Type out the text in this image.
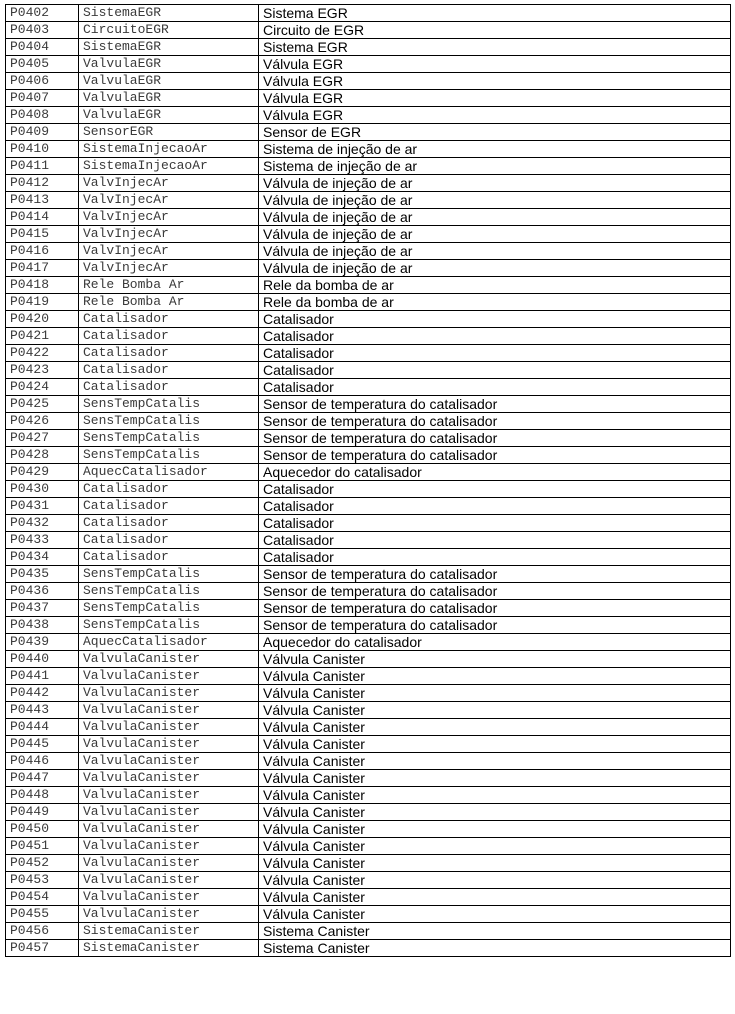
P0402	SistemaEGR	Sistema EGR
P0403	CircuitoEGR	Circuito de EGR
P0404	SistemaEGR	Sistema EGR
P0405	ValvulaEGR	Válvula EGR
P0406	ValvulaEGR	Válvula EGR
P0407	ValvulaEGR	Válvula EGR
P0408	ValvulaEGR	Válvula EGR
P0409	SensorEGR	Sensor de EGR
P0410	SistemaInjecaoAr	Sistema de injeção de ar
P0411	SistemaInjecaoAr	Sistema de injeção de ar
P0412	ValvInjecAr	Válvula de injeção de ar
P0413	ValvInjecAr	Válvula de injeção de ar
P0414	ValvInjecAr	Válvula de injeção de ar
P0415	ValvInjecAr	Válvula de injeção de ar
P0416	ValvInjecAr	Válvula de injeção de ar
P0417	ValvInjecAr	Válvula de injeção de ar
P0418	Rele Bomba Ar	Rele da bomba de ar
P0419	Rele Bomba Ar	Rele da bomba de ar
P0420	Catalisador	Catalisador
P0421	Catalisador	Catalisador
P0422	Catalisador	Catalisador
P0423	Catalisador	Catalisador
P0424	Catalisador	Catalisador
P0425	SensTempCatalis	Sensor de temperatura do catalisador
P0426	SensTempCatalis	Sensor de temperatura do catalisador
P0427	SensTempCatalis	Sensor de temperatura do catalisador
P0428	SensTempCatalis	Sensor de temperatura do catalisador
P0429	AquecCatalisador	Aquecedor do catalisador
P0430	Catalisador	Catalisador
P0431	Catalisador	Catalisador
P0432	Catalisador	Catalisador
P0433	Catalisador	Catalisador
P0434	Catalisador	Catalisador
P0435	SensTempCatalis	Sensor de temperatura do catalisador
P0436	SensTempCatalis	Sensor de temperatura do catalisador
P0437	SensTempCatalis	Sensor de temperatura do catalisador
P0438	SensTempCatalis	Sensor de temperatura do catalisador
P0439	AquecCatalisador	Aquecedor do catalisador
P0440	ValvulaCanister	Válvula Canister
P0441	ValvulaCanister	Válvula Canister
P0442	ValvulaCanister	Válvula Canister
P0443	ValvulaCanister	Válvula Canister
P0444	ValvulaCanister	Válvula Canister
P0445	ValvulaCanister	Válvula Canister
P0446	ValvulaCanister	Válvula Canister
P0447	ValvulaCanister	Válvula Canister
P0448	ValvulaCanister	Válvula Canister
P0449	ValvulaCanister	Válvula Canister
P0450	ValvulaCanister	Válvula Canister
P0451	ValvulaCanister	Válvula Canister
P0452	ValvulaCanister	Válvula Canister
P0453	ValvulaCanister	Válvula Canister
P0454	ValvulaCanister	Válvula Canister
P0455	ValvulaCanister	Válvula Canister
P0456	SistemaCanister	Sistema Canister
P0457	SistemaCanister	Sistema Canister
